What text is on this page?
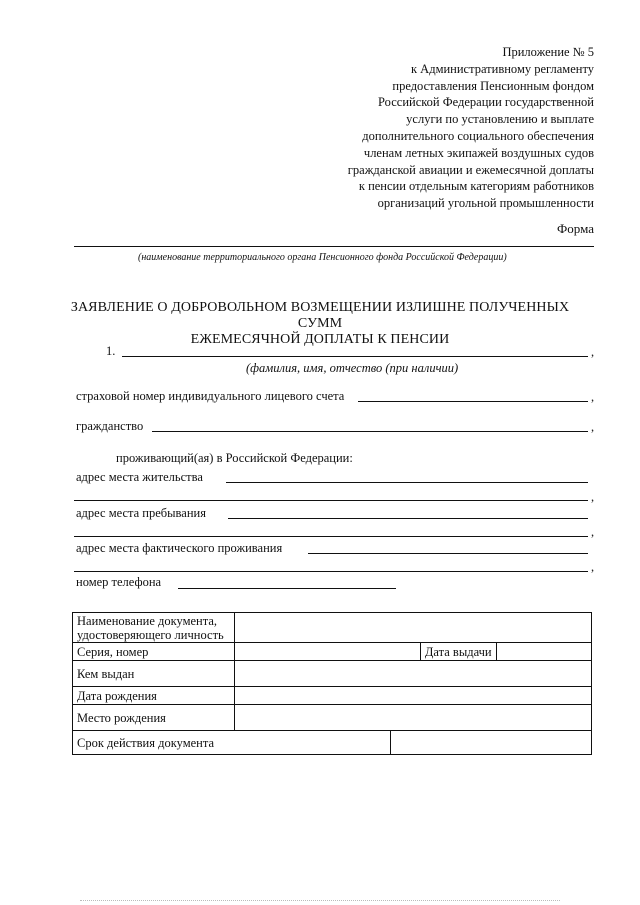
Приложение № 5
к Административному регламенту
предоставления Пенсионным фондом
Российской Федерации государственной
услуги по установлению и выплате
дополнительного социального обеспечения
членам летных экипажей воздушных судов
гражданской авиации и ежемесячной доплаты
к пенсии отдельным категориям работников
организаций угольной промышленности
Форма
(наименование территориального органа Пенсионного фонда Российской Федерации)
ЗАЯВЛЕНИЕ О ДОБРОВОЛЬНОМ ВОЗМЕЩЕНИИ ИЗЛИШНЕ ПОЛУЧЕННЫХ СУММ
ЕЖЕМЕСЯЧНОЙ ДОПЛАТЫ К ПЕНСИИ
1.	,
(фамилия, имя, отчество (при наличии)
страховой номер индивидуального лицевого счета	,
гражданство	,
проживающий(ая) в Российской Федерации:
адрес места жительства
,
адрес места пребывания
,
адрес места фактического проживания
,
номер телефона
Наименование документа, удостоверяющего личность				
Серия, номер			Дата выдачи	
Кем выдан				
Дата рождения				
Место рождения				
Срок действия документа				
